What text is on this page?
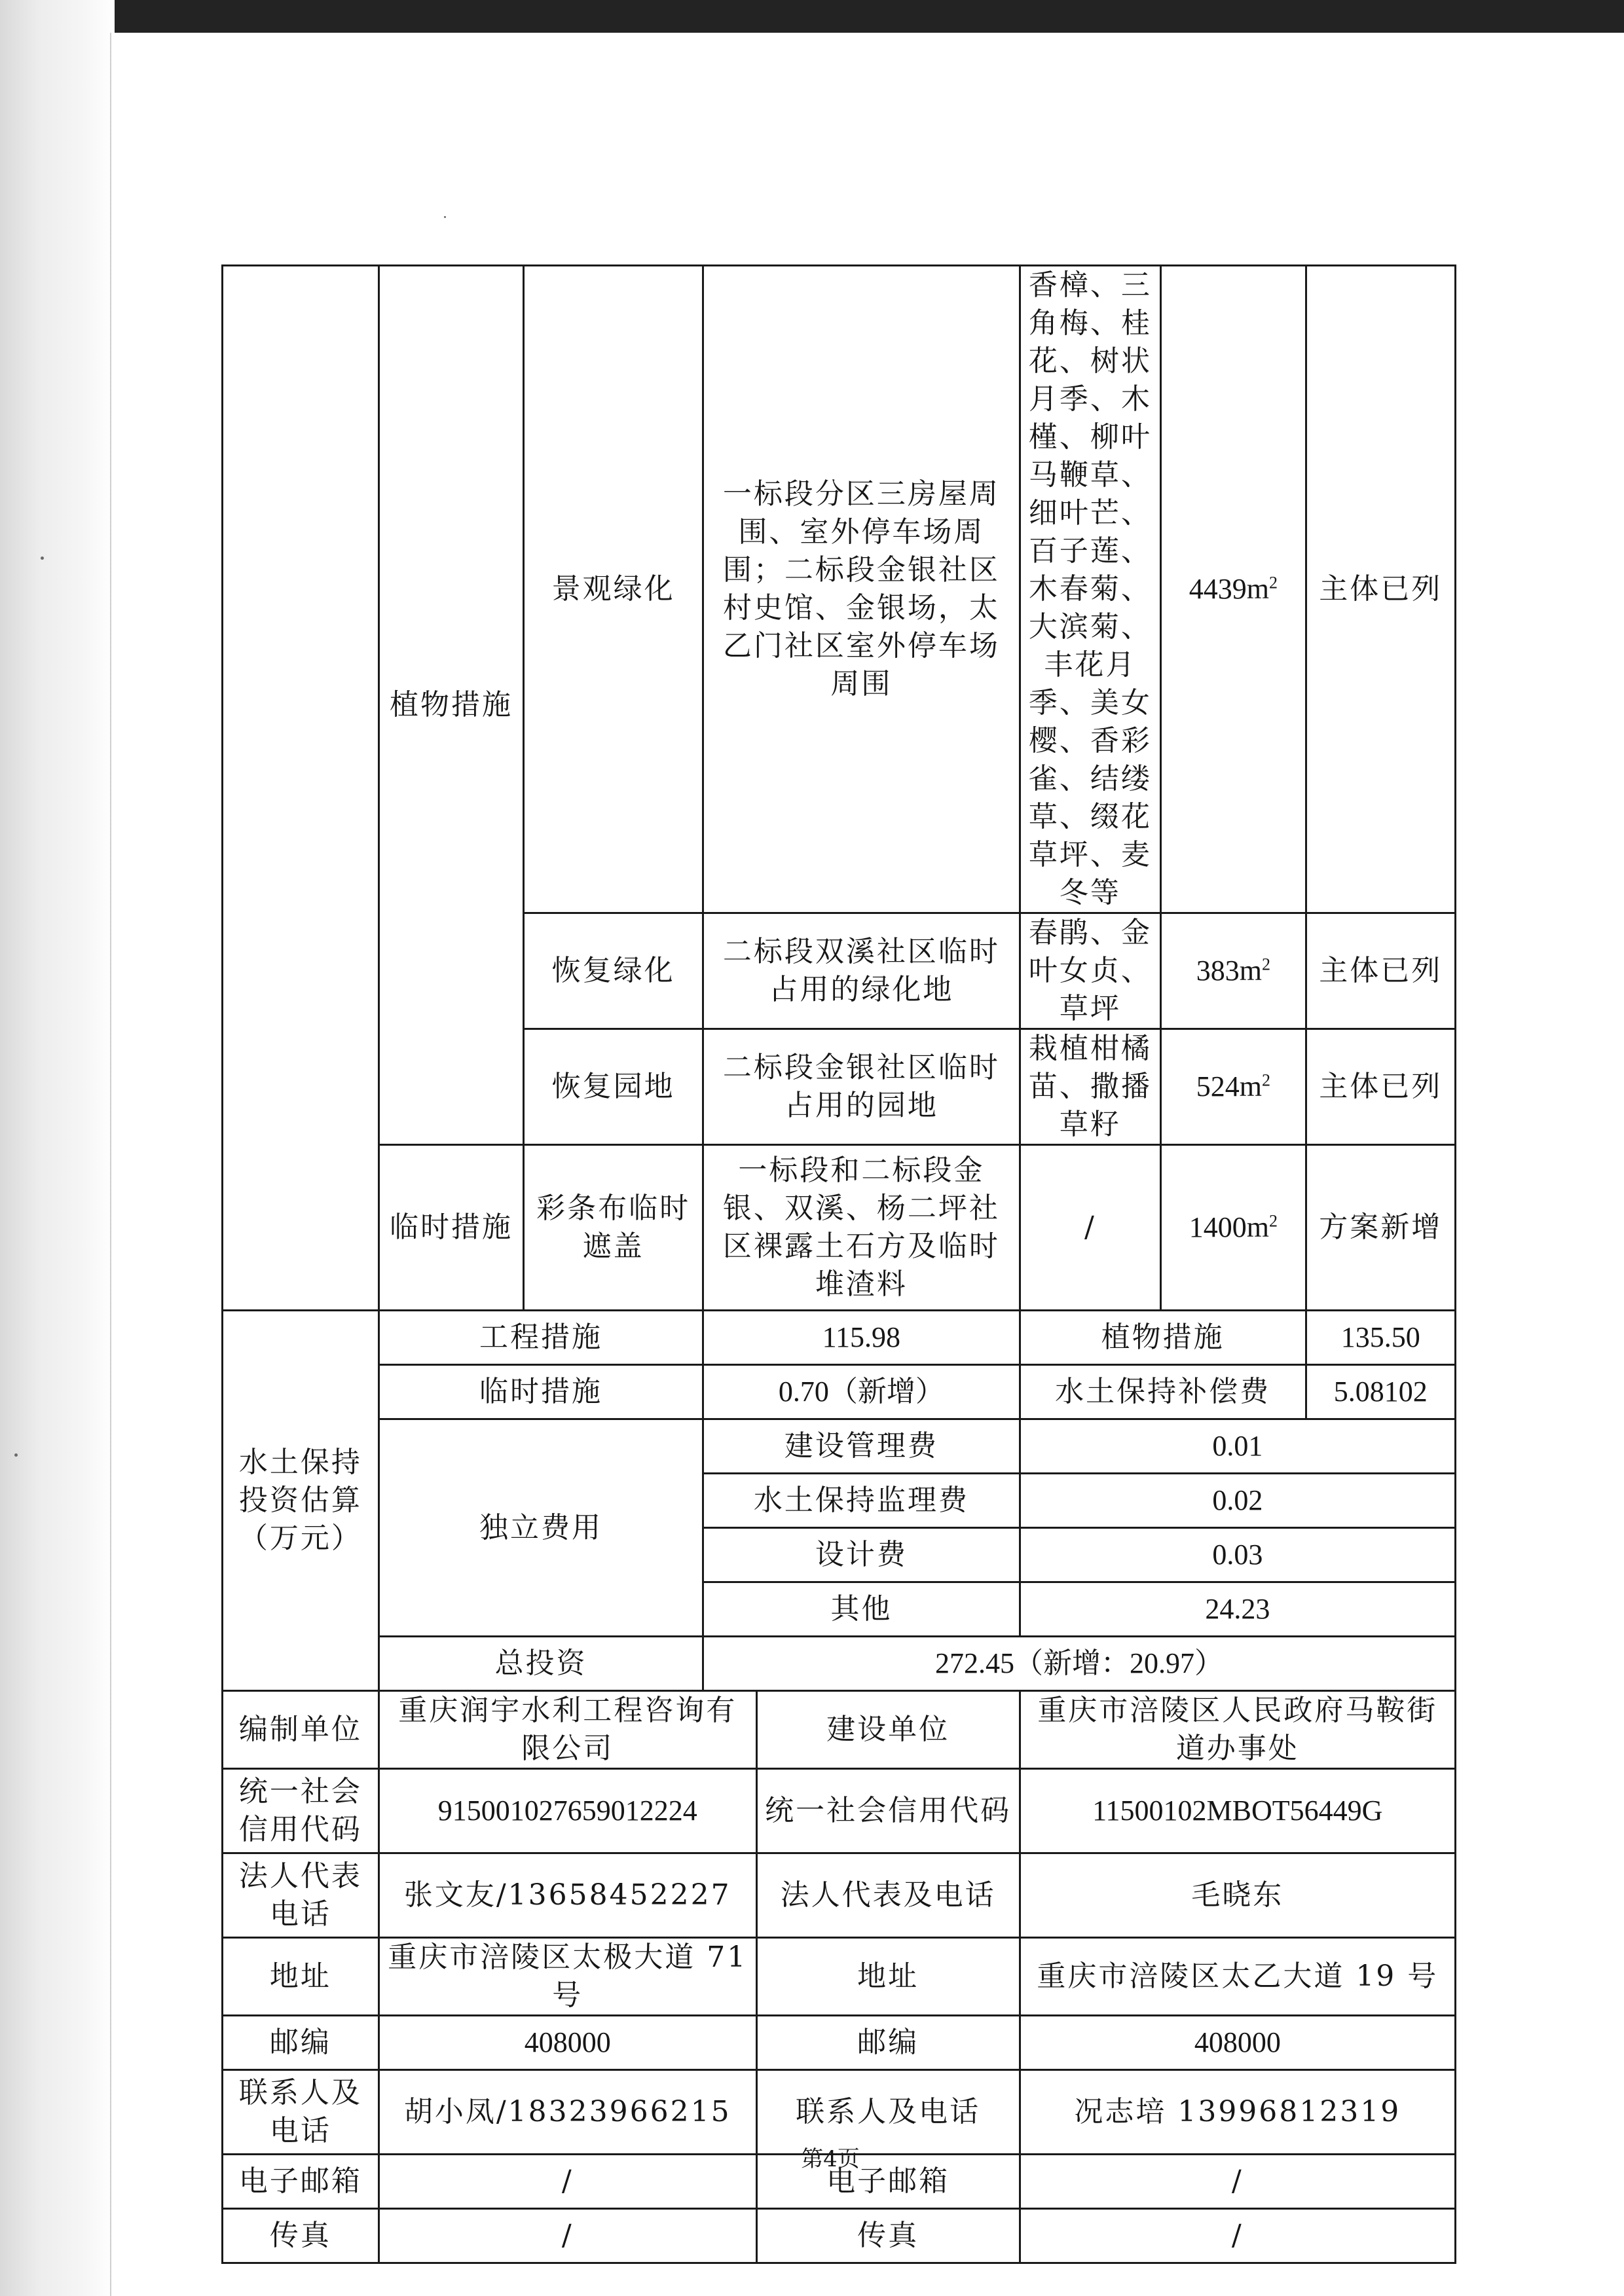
	植物措施	景观绿化	一标段分区三房屋周围、室外停车场周围；二标段金银社区村史馆、金银场，太乙门社区室外停车场周围		香樟、三角梅、桂花、树状月季、木槿、柳叶马鞭草、细叶芒、百子莲、木春菊、大滨菊、丰花月季、美女樱、香彩雀、结缕草、缀花草坪、麦冬等	$4439m^2$	主体已列
		恢复绿化	二标段双溪社区临时占用的绿化地		春鹃、金叶女贞、草坪	$383m^2$	主体已列
		恢复园地	二标段金银社区临时占用的园地		栽植柑橘苗、撒播草籽	$524m^2$	主体已列
	临时措施	彩条布临时遮盖	一标段和二标段金银、双溪、杨二坪社区裸露土石方及临时堆渣料		/	$1400m^2$	方案新增
水土保持投资估算（万元）	工程措施		115.98		植物措施		135.50
	临时措施		0.70（新增）		水土保持补偿费		5.08102
	独立费用		建设管理费		0.01		
			水土保持监理费		0.02		
			设计费		0.03		
			其他		24.23		
	总投资		272.45（新增：20.97）				
编制单位	重庆润宇水利工程咨询有限公司			建设单位	重庆市涪陵区人民政府马鞍街道办事处		
统一社会信用代码	915001027659012224			统一社会信用代码	11500102MBOT56449G		
法人代表电话	张文友/13658452227			法人代表及电话	毛晓东		
地址	重庆市涪陵区太极大道 71 号			地址	重庆市涪陵区太乙大道 19 号		
邮编	408000			邮编	408000		
联系人及电话	胡小凤/18323966215			联系人及电话	况志培 13996812319		
电子邮箱	/			电子邮箱	/		
传真	/			传真	/		
第4页
